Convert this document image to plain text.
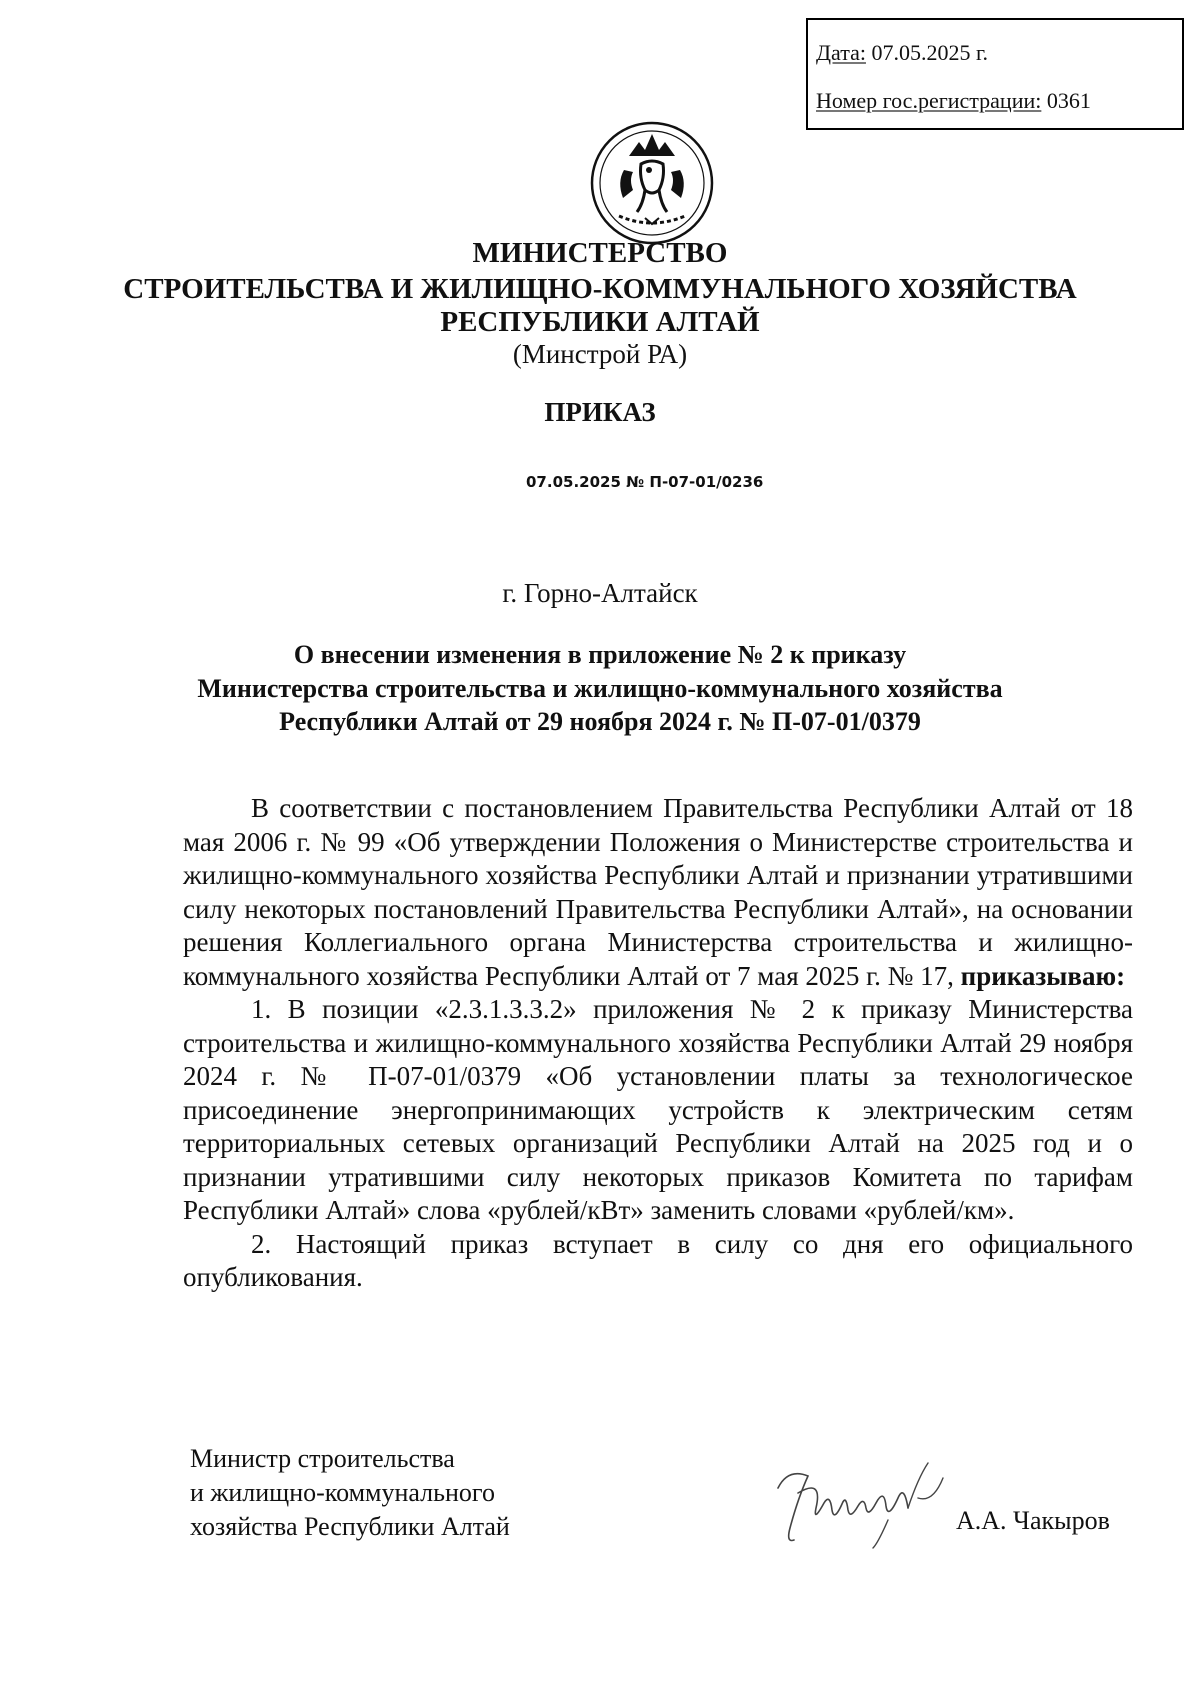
Дата: 07.05.2025 г.
Номер гос.регистрации: 0361
МИНИСТЕРСТВО
СТРОИТЕЛЬСТВА И ЖИЛИЩНО-КОММУНАЛЬНОГО ХОЗЯЙСТВА
РЕСПУБЛИКИ АЛТАЙ
(Минстрой РА)
ПРИКАЗ
07.05.2025 № П-07-01/0236
г. Горно-Алтайск
О внесении изменения в приложение № 2 к приказу
Министерства строительства и жилищно-коммунального хозяйства
Республики Алтай от 29 ноября 2024 г. № П-07-01/0379

В соответствии с постановлением Правительства Республики Алтай от 18 мая 2006 г. № 99 «Об утверждении Положения о Министерстве строительства и жилищно-коммунального хозяйства Республики Алтай и признании утратившими силу некоторых постановлений Правительства Республики Алтай», на основании решения Коллегиального органа Министерства строительства и жилищно-коммунального хозяйства Республики Алтай от 7 мая 2025 г. № 17, приказываю:

1. В позиции «2.3.1.3.3.2» приложения № 2 к приказу Министерства строительства и жилищно-коммунального хозяйства Республики Алтай 29 ноября 2024 г. № П-07-01/0379 «Об установлении платы за технологическое присоединение энергопринимающих устройств к электрическим сетям территориальных сетевых организаций Республики Алтай на 2025 год и о признании утратившими силу некоторых приказов Комитета по тарифам Республики Алтай» слова «рублей/кВт» заменить словами «рублей/км».

2. Настоящий приказ вступает в силу со дня его официального опубликования.

Министр строительства
и жилищно-коммунального
хозяйства Республики Алтай	А.А. Чакыров
